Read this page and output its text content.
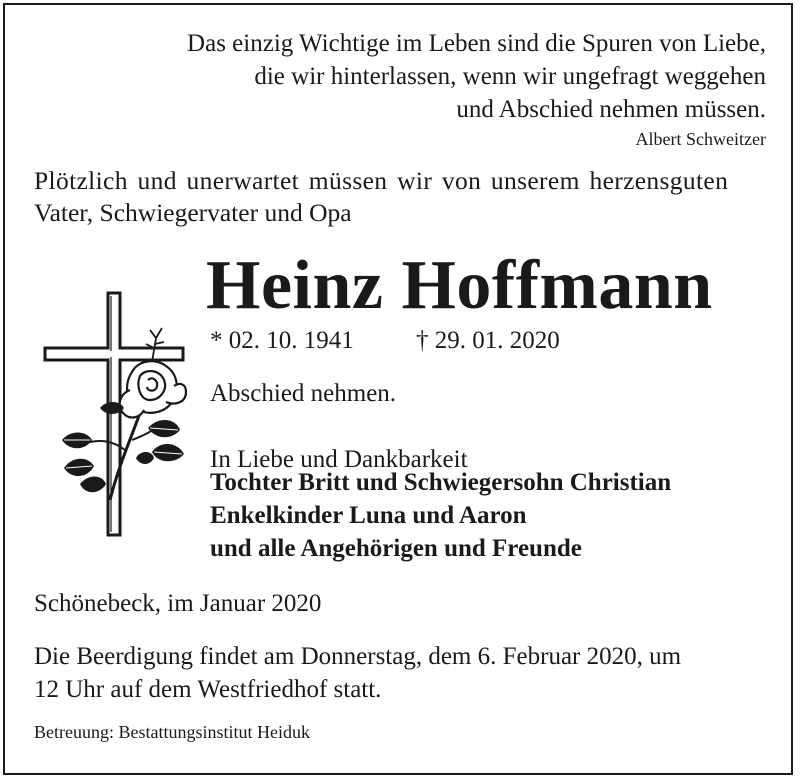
Das einzig Wichtige im Leben sind die Spuren von Liebe,
die wir hinterlassen, wenn wir ungefragt weggehen
und Abschied nehmen müssen.
Albert Schweitzer
Plötzlich und unerwartet müssen wir von unserem herzensguten
Vater, Schwiegervater und Opa
Heinz Hoffmann
* 02. 10. 1941 † 29. 01. 2020
Abschied nehmen.
In Liebe und Dankbarkeit
Tochter Britt und Schwiegersohn Christian
Enkelkinder Luna und Aaron
und alle Angehörigen und Freunde
Schönebeck, im Januar 2020
Die Beerdigung findet am Donnerstag, dem 6. Februar 2020, um
12 Uhr auf dem Westfriedhof statt.
Betreuung: Bestattungsinstitut Heiduk
